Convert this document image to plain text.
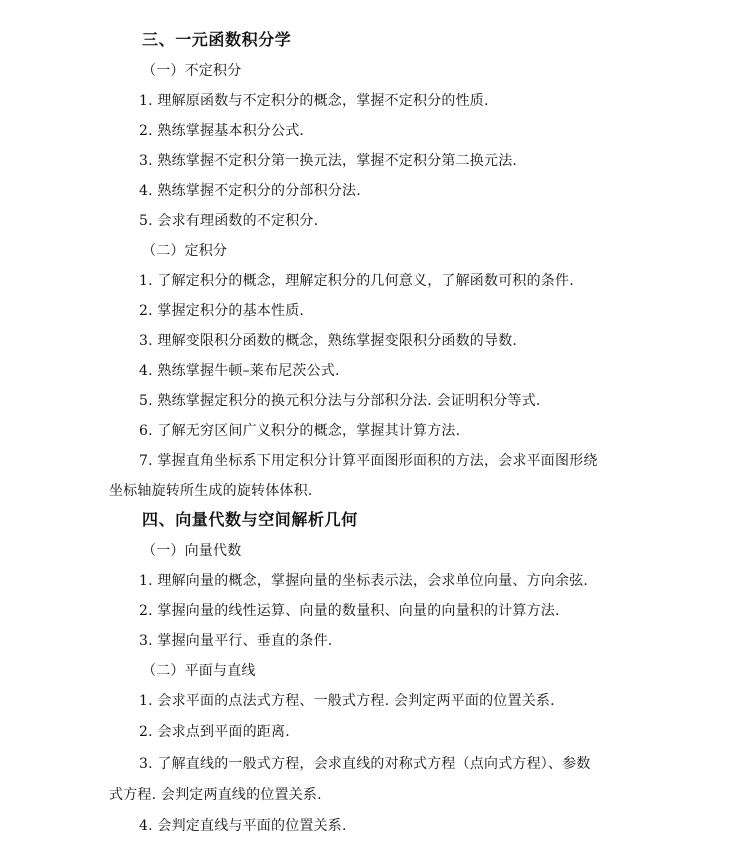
三、一元函数积分学
（一）不定积分
1. 理解原函数与不定积分的概念，掌握不定积分的性质.
2. 熟练掌握基本积分公式.
3. 熟练掌握不定积分第一换元法，掌握不定积分第二换元法.
4. 熟练掌握不定积分的分部积分法.
5. 会求有理函数的不定积分.
（二）定积分
1. 了解定积分的概念，理解定积分的几何意义，了解函数可积的条件.
2. 掌握定积分的基本性质.
3. 理解变限积分函数的概念，熟练掌握变限积分函数的导数.
4. 熟练掌握牛顿–莱布尼茨公式.
5. 熟练掌握定积分的换元积分法与分部积分法. 会证明积分等式.
6. 了解无穷区间广义积分的概念，掌握其计算方法.
7. 掌握直角坐标系下用定积分计算平面图形面积的方法，会求平面图形绕
坐标轴旋转所生成的旋转体体积.
四、向量代数与空间解析几何
（一）向量代数
1. 理解向量的概念，掌握向量的坐标表示法，会求单位向量、方向余弦.
2. 掌握向量的线性运算、向量的数量积、向量的向量积的计算方法.
3. 掌握向量平行、垂直的条件.
（二）平面与直线
1. 会求平面的点法式方程、一般式方程. 会判定两平面的位置关系.
2. 会求点到平面的距离.
3. 了解直线的一般式方程，会求直线的对称式方程（点向式方程）、参数
式方程. 会判定两直线的位置关系.
4. 会判定直线与平面的位置关系.
